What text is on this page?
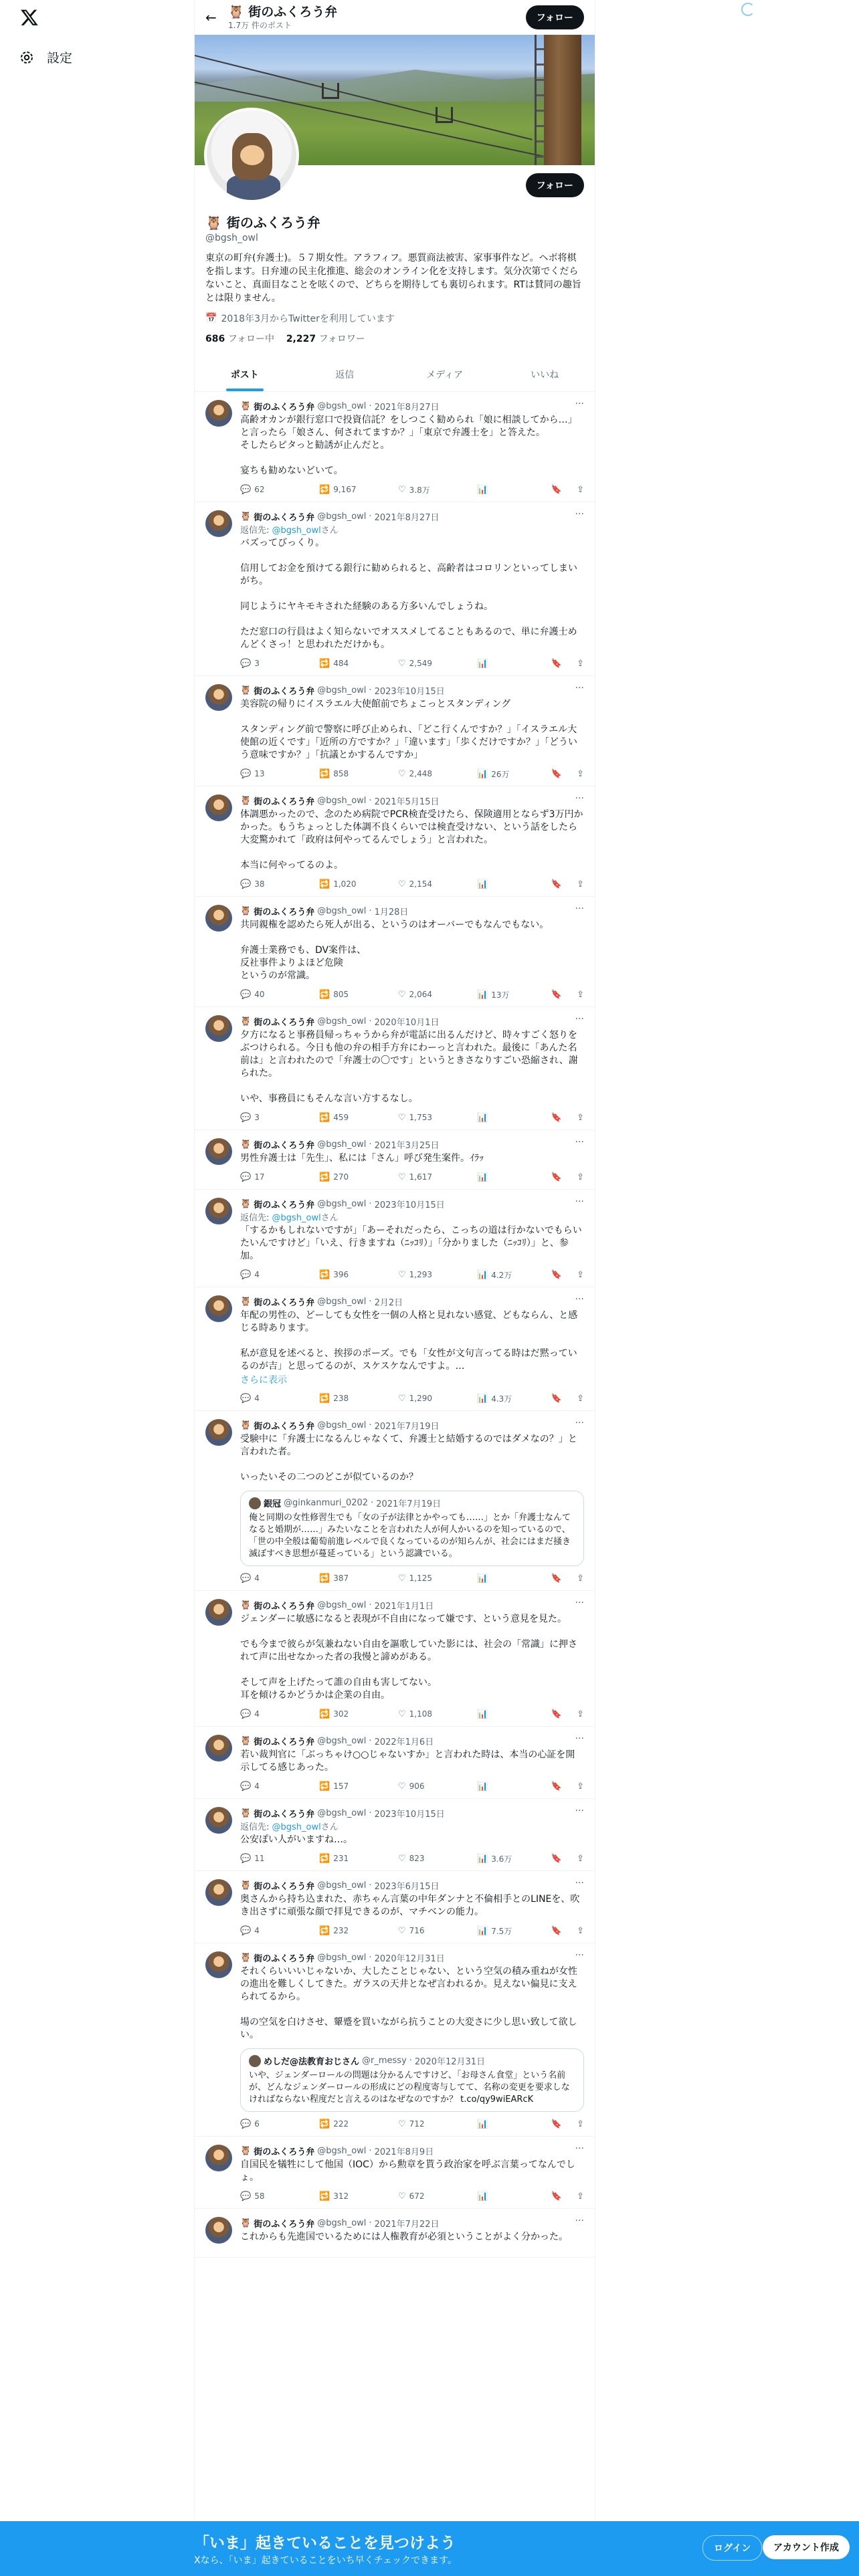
設定
← 🦉 街のふくろう弁
1.7万 件のポスト
フォロー
フォロー
🦉 街のふくろう弁
@bgsh_owl
東京の町弁(弁護士)。５７期女性。アラフィフ。悪質商法被害、家事事件など。ヘボ将棋を指します。日弁連の民主化推進、総会のオンライン化を支持します。気分次第でくだらないこと、真面目なことを呟くので、どちらを期待しても裏切られます。RTは賛同の趣旨とは限りません。
📅 2018年3月からTwitterを利用しています
686 フォロー中 2,227 フォロワー
ポスト	返信	メディア	いいね
🦉 街のふくろう弁 @bgsh_owl · 2021年8月27日	···
高齢オカンが銀行窓口で投資信託？をしつこく勧められ「娘に相談してから…」と言ったら「娘さん、何されてますか？」「東京で弁護士を」と答えた。
そしたらピタっと勧誘が止んだと。

宴ちも勧めないどいて。
💬 62	🔁 9,167	♡ 3.8万	📊	🔖 ⇪
🦉 街のふくろう弁 @bgsh_owl · 2021年8月27日	···
返信先: @bgsh_owlさん
バズってびっくり。

信用してお金を預けてる銀行に勧められると、高齢者はコロリンといってしまいがち。

同じようにヤキモキされた経験のある方多いんでしょうね。

ただ窓口の行員はよく知らないでオススメしてることもあるので、単に弁護士めんどくさっ！と思われただけかも。
💬 3	🔁 484	♡ 2,549	📊	🔖 ⇪
🦉 街のふくろう弁 @bgsh_owl · 2023年10月15日	···
美容院の帰りにイスラエル大使館前でちょこっとスタンディング

スタンディング前で警察に呼び止められ、「どこ行くんですか？」「イスラエル大使館の近くです」「近所の方ですか？」「違います」「歩くだけですか？」「どういう意味ですか？」「抗議とかするんですか」
💬 13	🔁 858	♡ 2,448	📊 26万	🔖 ⇪
🦉 街のふくろう弁 @bgsh_owl · 2021年5月15日	···
体調悪かったので、念のため病院でPCR検査受けたら、保険適用とならず3万円かかった。もうちょっとした体調不良くらいでは検査受けない、という話をしたら大変驚かれて「政府は何やってるんでしょう」と言われた。

本当に何やってるのよ。
💬 38	🔁 1,020	♡ 2,154	📊	🔖 ⇪
🦉 街のふくろう弁 @bgsh_owl · 1月28日	···
共同親権を認めたら死人が出る、というのはオーバーでもなんでもない。

弁護士業務でも、DV案件は、
反社事件よりよほど危険
というのが常識。
💬 40	🔁 805	♡ 2,064	📊 13万	🔖 ⇪
🦉 街のふくろう弁 @bgsh_owl · 2020年10月1日	···
夕方になると事務員帰っちゃうから弁が電話に出るんだけど、時々すごく怒りをぶつけられる。今日も他の弁の相手方弁にわーっと言われた。最後に「あんた名前は」と言われたので「弁護士の〇です」というときさなりすごい恐縮され、謝られた。

いや、事務員にもそんな言い方するなし。
💬 3	🔁 459	♡ 1,753	📊	🔖 ⇪
🦉 街のふくろう弁 @bgsh_owl · 2021年3月25日	···
男性弁護士は「先生」、私には「さん」呼び発生案件。ｲﾗｯ
💬 17	🔁 270	♡ 1,617	📊	🔖 ⇪
🦉 街のふくろう弁 @bgsh_owl · 2023年10月15日	···
返信先: @bgsh_owlさん
「するかもしれないですが」「あーそれだったら、こっちの道は行かないでもらいたいんですけど」「いえ、行きますね（ﾆｯｺﾘ）」「分かりました（ﾆｯｺﾘ）」と、参加。
💬 4	🔁 396	♡ 1,293	📊 4.2万	🔖 ⇪
🦉 街のふくろう弁 @bgsh_owl · 2月2日	···
年配の男性の、どーしても女性を一個の人格と見れない感覚、どもならん、と感じる時あります。

私が意見を述べると、挨拶のポーズ。でも「女性が文句言ってる時はだ黙っているのが吉」と思ってるのが、スケスケなんですよ。…
さらに表示
💬 4	🔁 238	♡ 1,290	📊 4.3万	🔖 ⇪
🦉 街のふくろう弁 @bgsh_owl · 2021年7月19日	···
受験中に「弁護士になるんじゃなくて、弁護士と結婚するのではダメなの？」と言われた者。

いったいその二つのどこが似ているのか？
銀冠 @ginkanmuri_0202 · 2021年7月19日
俺と同期の女性修習生でも「女の子が法律とかやっても……」とか「弁護士なんてなると婚期が……」みたいなことを言われた人が何人かいるのを知っているので、「世の中全般は葡萄前進レベルで良くなっているのが知らんが、社会にはまだ掻き滅ぼすべき思想が蔓延っている」という認識でいる。
💬 4	🔁 387	♡ 1,125	📊	🔖 ⇪
🦉 街のふくろう弁 @bgsh_owl · 2021年1月1日	···
ジェンダーに敏感になると表現が不自由になって嫌です、という意見を見た。

でも今まで彼らが気兼ねない自由を謳歌していた影には、社会の「常識」に押されて声に出せなかった者の我慢と諦めがある。

そして声を上げたって誰の自由も害してない。
耳を傾けるかどうかは企業の自由。
💬 4	🔁 302	♡ 1,108	📊	🔖 ⇪
🦉 街のふくろう弁 @bgsh_owl · 2022年1月6日	···
若い裁判官に「ぶっちゃけ○○じゃないすか」と言われた時は、本当の心証を開示してる感じあった。
💬 4	🔁 157	♡ 906	📊	🔖 ⇪
🦉 街のふくろう弁 @bgsh_owl · 2023年10月15日	···
返信先: @bgsh_owlさん
公安ぽい人がいますね…。
💬 11	🔁 231	♡ 823	📊 3.6万	🔖 ⇪
🦉 街のふくろう弁 @bgsh_owl · 2023年6月15日	···
奥さんから持ち込まれた、赤ちゃん言葉の中年ダンナと不倫相手とのLINEを、吹き出さずに頑張な顔で拝見できるのが、マチベンの能力。
💬 4	🔁 232	♡ 716	📊 7.5万	🔖 ⇪
🦉 街のふくろう弁 @bgsh_owl · 2020年12月31日	···
それくらいいいじゃないか、大したことじゃない、という空気の積み重ねが女性の進出を難しくしてきた。ガラスの天井となぜ言われるか。見えない偏見に支えられてるから。

場の空気を白けさせ、顰蹙を買いながら抗うことの大変さに少し思い致して欲しい。
めしだ@法教育おじさん @r_messy · 2020年12月31日
いや、ジェンダーロールの問題は分かるんですけど、「お母さん食堂」という名前が、どんなジェンダーロールの形成にどの程度寄与してて、名称の変更を要求しなければならない程度だと言えるのはなぜなのですか？ t.co/qy9wiEARcK
💬 6	🔁 222	♡ 712	📊	🔖 ⇪
🦉 街のふくろう弁 @bgsh_owl · 2021年8月9日	···
自国民を犠牲にして他国（IOC）から勲章を貰う政治家を呼ぶ言葉ってなんでしょ。
💬 58	🔁 312	♡ 672	📊	🔖 ⇪
🦉 街のふくろう弁 @bgsh_owl · 2021年7月22日	···
これからも先進国でいるためには人権教育が必須ということがよく分かった。
「いま」起きていることを見つけよう
Xなら、「いま」起きていることをいち早くチェックできます。
ログイン	アカウント作成
